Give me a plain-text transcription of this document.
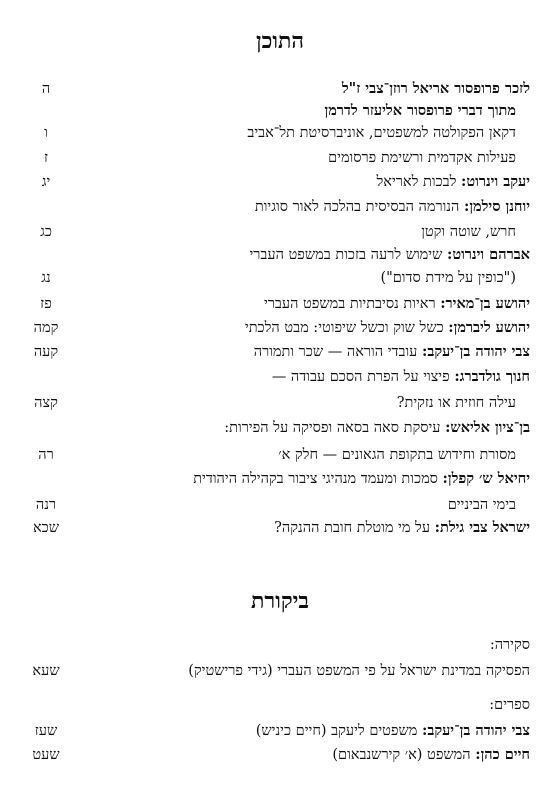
התוכן
לזכר פרופסור אריאל רוזן־צבי ז"ל
ה
מתוך דברי פרופסור אליעזר לדרמן
דקאן הפקולטה למשפטים, אוניברסיטת תל־אביב
ו
פעילות אקדמית ורשימת פרסומים
ז
יעקב וינרוט: לבכות לאריאל
יג
יוחנן סילמן: הנורמה הבסיסית בהלכה לאור סוגיות
חרש, שוטה וקטן
כג
אברהם וינרוט: שימוש לרעה בזכות במשפט העברי
("כופין על מידת סדום")
נג
יהושע בן־מאיר: ראיות נסיבתיות במשפט העברי
פז
יהושע ליברמן: כשל שוק וכשל שיפוטי: מבט הלכתי
קמה
צבי יהודה בן־יעקב: עובדי הוראה — שכר ותמורה
קעה
חנוך גולדברג: פיצוי על הפרת הסכם עבודה —
עילה חוזית או נזקית?
קצה
בן־ציון אליאש: עיסקת סאה בסאה ופסיקה על הפירות:
מסורת וחידוש בתקופת הגאונים — חלק א׳
רה
יחיאל ש׳ קפלן: סמכות ומעמד מנהיגי ציבור בקהילה היהודית
בימי הביניים
רנה
ישראל צבי גילת: על מי מוטלת חובת ההנקה?
שכא
ביקורת
סקירה:
הפסיקה במדינת ישראל על פי המשפט העברי (גידי פרישטיק)
שעא
ספרים:
צבי יהודה בן־יעקב: משפטים ליעקב (חיים כיניש)
שעז
חיים כהן: המשפט (א׳ קירשנבאום)
שעט
